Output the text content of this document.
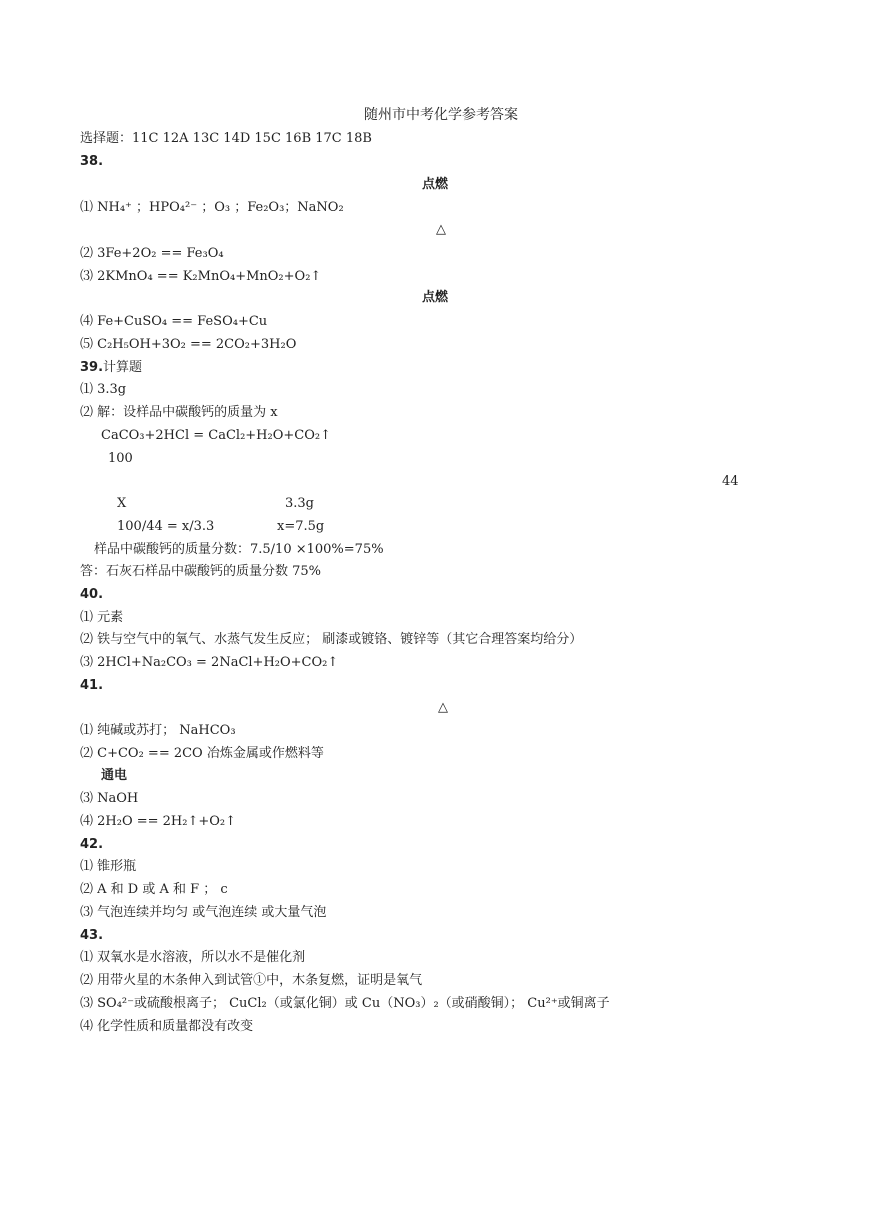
随州市中考化学参考答案
选择题：11C 12A 13C 14D 15C 16B 17C 18B
38.
点燃
⑴ NH₄⁺ ；HPO₄²⁻ ；O₃ ；Fe₂O₃；NaNO₂
△
⑵ 3Fe+2O₂ == Fe₃O₄
⑶ 2KMnO₄ == K₂MnO₄+MnO₂+O₂↑
点燃
⑷ Fe+CuSO₄ == FeSO₄+Cu
⑸ C₂H₅OH+3O₂ == 2CO₂+3H₂O
39.计算题
⑴ 3.3g
⑵ 解：设样品中碳酸钙的质量为 x
CaCO₃+2HCl = CaCl₂+H₂O+CO₂↑
100
44
X	3.3g
100/44 = x/3.3	x=7.5g
样品中碳酸钙的质量分数：7.5/10 ×100%=75%
答：石灰石样品中碳酸钙的质量分数 75%
40.
⑴ 元素
⑵ 铁与空气中的氧气、水蒸气发生反应； 刷漆或镀铬、镀锌等（其它合理答案均给分）
⑶ 2HCl+Na₂CO₃ = 2NaCl+H₂O+CO₂↑
41.
△
⑴ 纯碱或苏打； NaHCO₃
⑵ C+CO₂ == 2CO 冶炼金属或作燃料等
通电
⑶ NaOH
⑷ 2H₂O == 2H₂↑+O₂↑
42.
⑴ 锥形瓶
⑵ A 和 D 或 A 和 F ； c
⑶ 气泡连续并均匀 或气泡连续 或大量气泡
43.
⑴ 双氧水是水溶液，所以水不是催化剂
⑵ 用带火星的木条伸入到试管①中，木条复燃，证明是氧气
⑶ SO₄²⁻或硫酸根离子； CuCl₂（或氯化铜）或 Cu（NO₃）₂（或硝酸铜）； Cu²⁺或铜离子
⑷ 化学性质和质量都没有改变
